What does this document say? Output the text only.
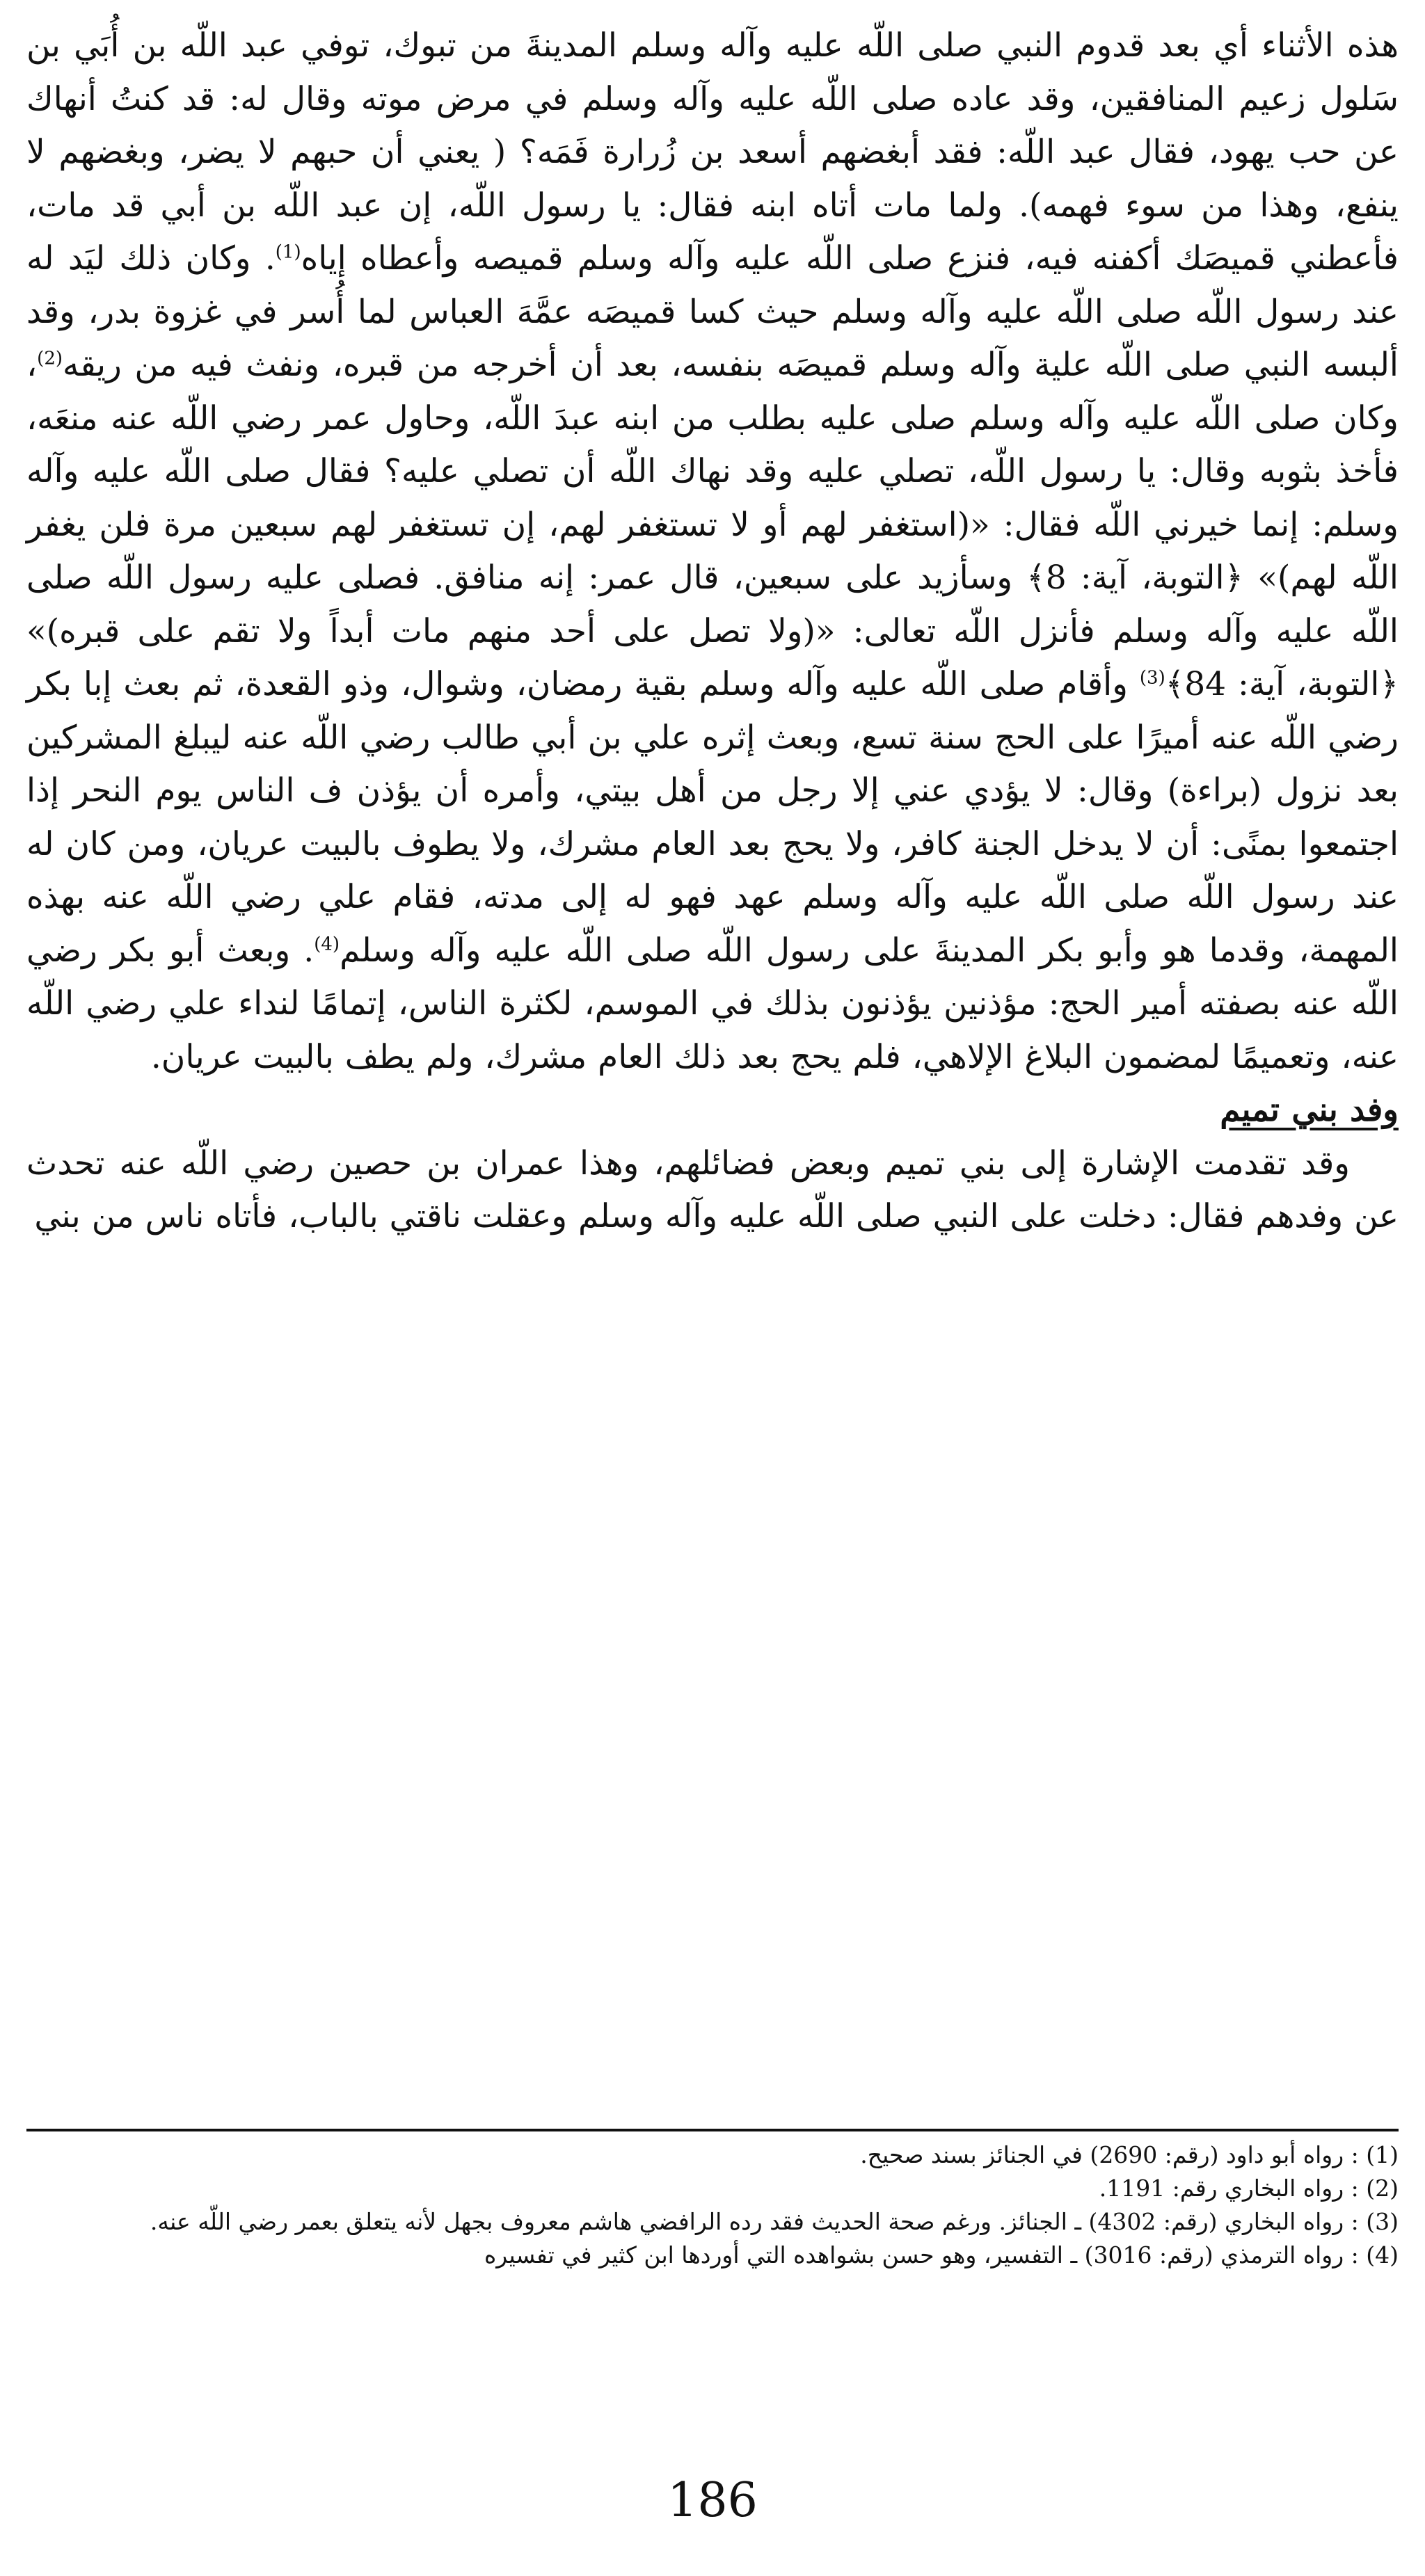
هذه الأثناء أي بعد قدوم النبي صلى اللّه عليه وآله وسلم المدينةَ من تبوك، توفي عبد اللّه بن أُبَي بن سَلول زعيم المنافقين، وقد عاده صلى اللّه عليه وآله وسلم في مرض موته وقال له: قد كنتُ أنهاك عن حب يهود، فقال عبد اللّه: فقد أبغضهم أسعد بن زُرارة فَمَه؟ ( يعني أن حبهم لا يضر، وبغضهم لا ينفع، وهذا من سوء فهمه). ولما مات أتاه ابنه فقال: يا رسول اللّه، إن عبد اللّه بن أبي قد مات، فأعطني قميصَك أكفنه فيه، فنزع صلى اللّه عليه وآله وسلم قميصه وأعطاه إياه$^{(1)}$. وكان ذلك ليَد له عند رسول اللّه صلى اللّه عليه وآله وسلم حيث كسا قميصَه عمَّهَ العباس لما أُسر في غزوة بدر، وقد ألبسه النبي صلى اللّه علية وآله وسلم قميصَه بنفسه، بعد أن أخرجه من قبره، ونفث فيه من ريقه$^{(2)}$، وكان صلى اللّه عليه وآله وسلم صلى عليه بطلب من ابنه عبدَ اللّه، وحاول عمر رضي اللّه عنه منعَه، فأخذ بثوبه وقال: يا رسول اللّه، تصلي عليه وقد نهاك اللّه أن تصلي عليه؟ فقال صلى اللّه عليه وآله وسلم: إنما خيرني اللّه فقال: «(استغفر لهم أو لا تستغفر لهم، إن تستغفر لهم سبعين مرة فلن يغفر اللّه لهم)» ﴿التوبة، آية: 8﴾ وسأزيد على سبعين، قال عمر: إنه منافق. فصلى عليه رسول اللّه صلى اللّه عليه وآله وسلم فأنزل اللّه تعالى: «(ولا تصل على أحد منهم مات أبداً ولا تقم على قبره)» ﴿التوبة، آية: 84﴾$^{(3)}$ وأقام صلى اللّه عليه وآله وسلم بقية رمضان، وشوال، وذو القعدة، ثم بعث إبا بكر رضي اللّه عنه أميرًا على الحج سنة تسع، وبعث إثره علي بن أبي طالب رضي اللّه عنه ليبلغ المشركين بعد نزول (براءة) وقال: لا يؤدي عني إلا رجل من أهل بيتي، وأمره أن يؤذن ف الناس يوم النحر إذا اجتمعوا بمنًى: أن لا يدخل الجنة كافر، ولا يحج بعد العام مشرك، ولا يطوف بالبيت عريان، ومن كان له عند رسول اللّه صلى اللّه عليه وآله وسلم عهد فهو له إلى مدته، فقام علي رضي اللّه عنه بهذه المهمة، وقدما هو وأبو بكر المدينةَ على رسول اللّه صلى اللّه عليه وآله وسلم$^{(4)}$. وبعث أبو بكر رضي اللّه عنه بصفته أمير الحج: مؤذنين يؤذنون بذلك في الموسم، لكثرة الناس، إتمامًا لنداء علي رضي اللّه عنه، وتعميمًا لمضمون البلاغ الإلاهي، فلم يحج بعد ذلك العام مشرك، ولم يطف بالبيت عريان.

وفد بني تميم

وقد تقدمت الإشارة إلى بني تميم وبعض فضائلهم، وهذا عمران بن حصين رضي اللّه عنه تحدث عن وفدهم فقال: دخلت على النبي صلى اللّه عليه وآله وسلم وعقلت ناقتي بالباب، فأتاه ناس من بني

(1) : رواه أبو داود (رقم: 2690) في الجنائز بسند صحيح.

(2) : رواه البخاري رقم: 1191.

(3) : رواه البخاري (رقم: 4302) ـ الجنائز. ورغم صحة الحديث فقد رده الرافضي هاشم معروف بجهل لأنه يتعلق بعمر رضي اللّه عنه.

(4) : رواه الترمذي (رقم: 3016) ـ التفسير، وهو حسن بشواهده التي أوردها ابن كثير في تفسيره

186
